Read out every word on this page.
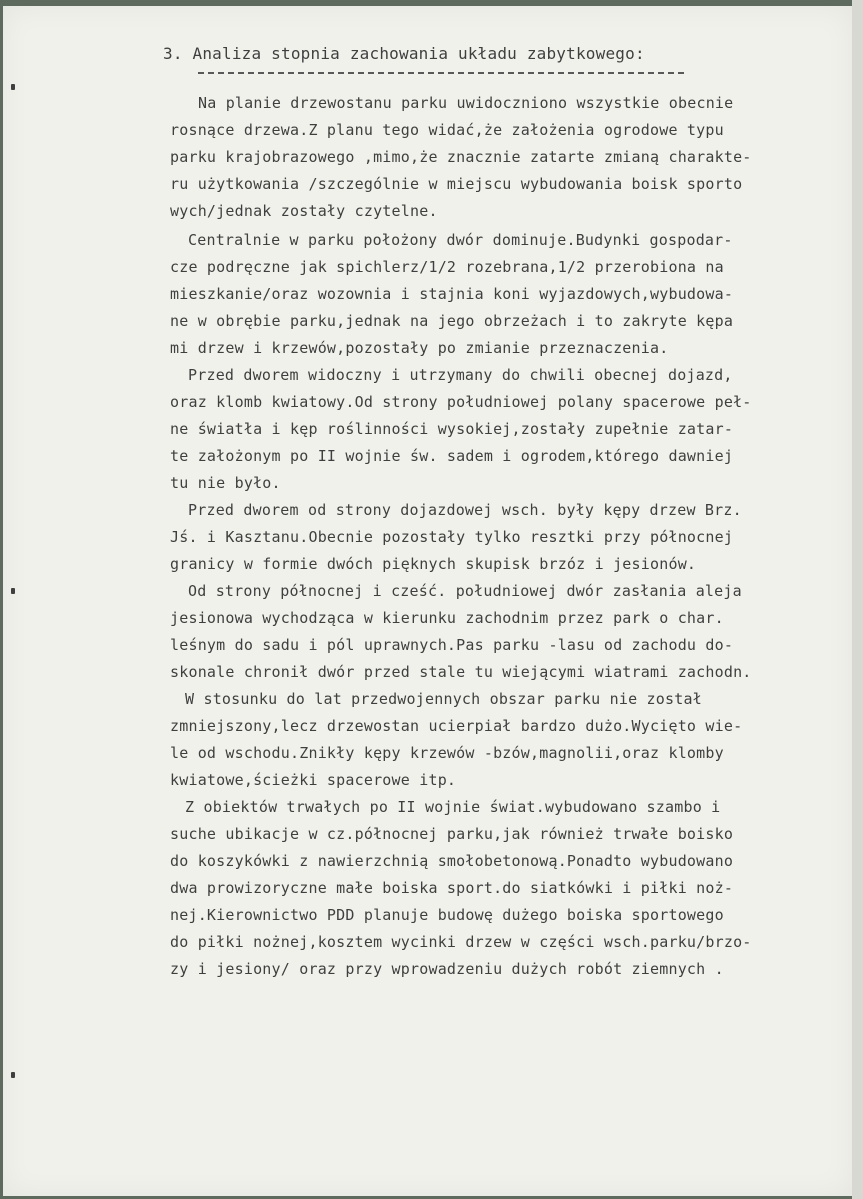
3. Analiza stopnia zachowania układu zabytkowego:
Na planie drzewostanu parku uwidoczniono wszystkie obecnie
rosnące drzewa.Z planu tego widać,że założenia ogrodowe typu
parku krajobrazowego ,mimo,że znacznie zatarte zmianą charakte-
ru użytkowania /szczególnie w miejscu wybudowania boisk sporto
wych/jednak zostały czytelne.
Centralnie w parku położony dwór dominuje.Budynki gospodar-
cze podręczne jak spichlerz/1/2 rozebrana,1/2 przerobiona na
mieszkanie/oraz wozownia i stajnia koni wyjazdowych,wybudowa-
ne w obrębie parku,jednak na jego obrzeżach i to zakryte kępa
mi drzew i krzewów,pozostały po zmianie przeznaczenia.
Przed dworem widoczny i utrzymany do chwili obecnej dojazd,
oraz klomb kwiatowy.Od strony południowej polany spacerowe peł-
ne światła i kęp roślinności wysokiej,zostały zupełnie zatar-
te założonym po II wojnie św. sadem i ogrodem,którego dawniej
tu nie było.
Przed dworem od strony dojazdowej wsch. były kępy drzew Brz.
Jś. i Kasztanu.Obecnie pozostały tylko resztki przy północnej
granicy w formie dwóch pięknych skupisk brzóz i jesionów.
Od strony północnej i cześć. południowej dwór zasłania aleja
jesionowa wychodząca w kierunku zachodnim przez park o char.
leśnym do sadu i pól uprawnych.Pas parku -lasu od zachodu do-
skonale chronił dwór przed stale tu wiejącymi wiatrami zachodn.
W stosunku do lat przedwojennych obszar parku nie został
zmniejszony,lecz drzewostan ucierpiał bardzo dużo.Wycięto wie-
le od wschodu.Znikły kępy krzewów -bzów,magnolii,oraz klomby
kwiatowe,ścieżki spacerowe itp.
Z obiektów trwałych po II wojnie świat.wybudowano szambo i
suche ubikacje w cz.północnej parku,jak również trwałe boisko
do koszykówki z nawierzchnią smołobetonową.Ponadto wybudowano
dwa prowizoryczne małe boiska sport.do siatkówki i piłki noż-
nej.Kierownictwo PDD planuje budowę dużego boiska sportowego
do piłki nożnej,kosztem wycinki drzew w części wsch.parku/brzo-
zy i jesiony/ oraz przy wprowadzeniu dużych robót ziemnych .
